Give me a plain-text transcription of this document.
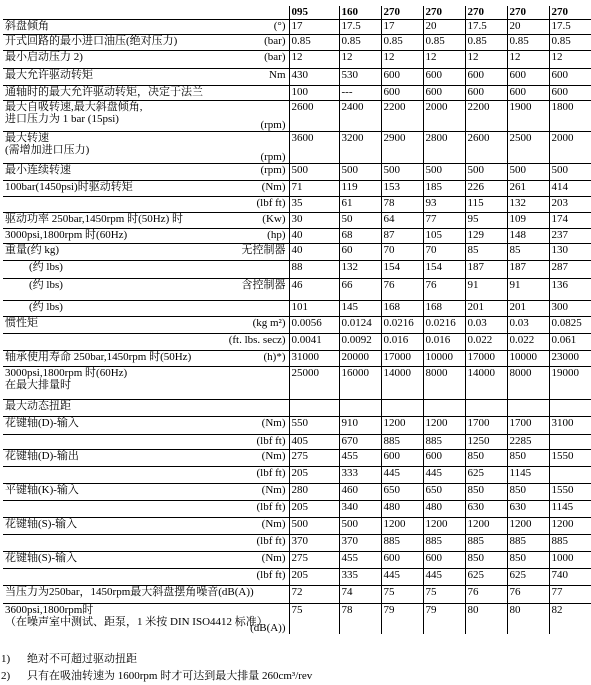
	095	160	270	270	270	270	270
斜盘倾角 (°)	17	17.5	17	20	17.5	20	17.5
开式回路的最小进口油压(绝对压力) (bar)	0.85	0.85	0.85	0.85	0.85	0.85	0.85
最小启动压力 2) (bar)	12	12	12	12	12	12	12
最大允许驱动转矩 Nm	430	530	600	600	600	600	600
通轴时的最大允许驱动转矩，决定于法兰	100	---	600	600	600	600	600
最大自吸转速,最大斜盘倾角,
进口压力为 1 bar (15psi) (rpm)	2600	2400	2200	2000	2200	1900	1800
最大转速
(需增加进口压力)
(rpm)	3600	3200	2900	2800	2600	2500	2000
最小连续转速 (rpm)	500	500	500	500	500	500	500
100bar(1450psi)时驱动转矩 (Nm)	71	119	153	185	226	261	414

(lbf ft)	35	61	78	93	115	132	203
驱动功率 250bar,1450rpm 时(50Hz) 时 (Kw)	30	50	64	77	95	109	174
3000psi,1800rpm 时(60Hz) (hp)	40	68	87	105	129	148	237
重量(约 kg) 无控制器	40	60	70	70	85	85	130
(约 lbs)	88	132	154	154	187	187	287
(约 lbs) 含控制器	46	66	76	76	91	91	136
(约 lbs)	101	145	168	168	201	201	300
惯性矩 (kg m²)	0.0056	0.0124	0.0216	0.0216	0.03	0.03	0.0825

(ft. lbs. secz)	0.0041	0.0092	0.016	0.016	0.022	0.022	0.061
轴承使用寿命 250bar,1450rpm 时(50Hz) (h)*)	31000	20000	17000	10000	17000	10000	23000
3000psi,1800rpm 时(60Hz)
在最大排量时	25000	16000	14000	8000	14000	8000	19000
最大动态扭距							
花键轴(D)-输入 (Nm)	550	910	1200	1200	1700	1700	3100

(lbf ft)	405	670	885	885	1250	2285	
花键轴(D)-输出 (Nm)	275	455	600	600	850	850	1550

(lbf ft)	205	333	445	445	625	1145	
平键轴(K)-输入 (Nm)	280	460	650	650	850	850	1550

(lbf ft)	205	340	480	480	630	630	1145
花键轴(S)-输入 (Nm)	500	500	1200	1200	1200	1200	1200

(lbf ft)	370	370	885	885	885	885	885
花键轴(S)-输入 (Nm)	275	455	600	600	850	850	1000

(lbf ft)	205	335	445	445	625	625	740
当压力为250bar，1450rpm最大斜盘摆角噪音(dB(A))	72	74	75	75	76	76	77
3600psi,1800rpm时
（在噪声室中测试、距泵，1 米按 DIN ISO4412 标准）
(dB(A))	75	78	79	79	80	80	82
1) 绝对不可超过驱动扭距
2) 只有在吸油转速为 1600rpm 时才可达到最大排量 260cm³/rev
